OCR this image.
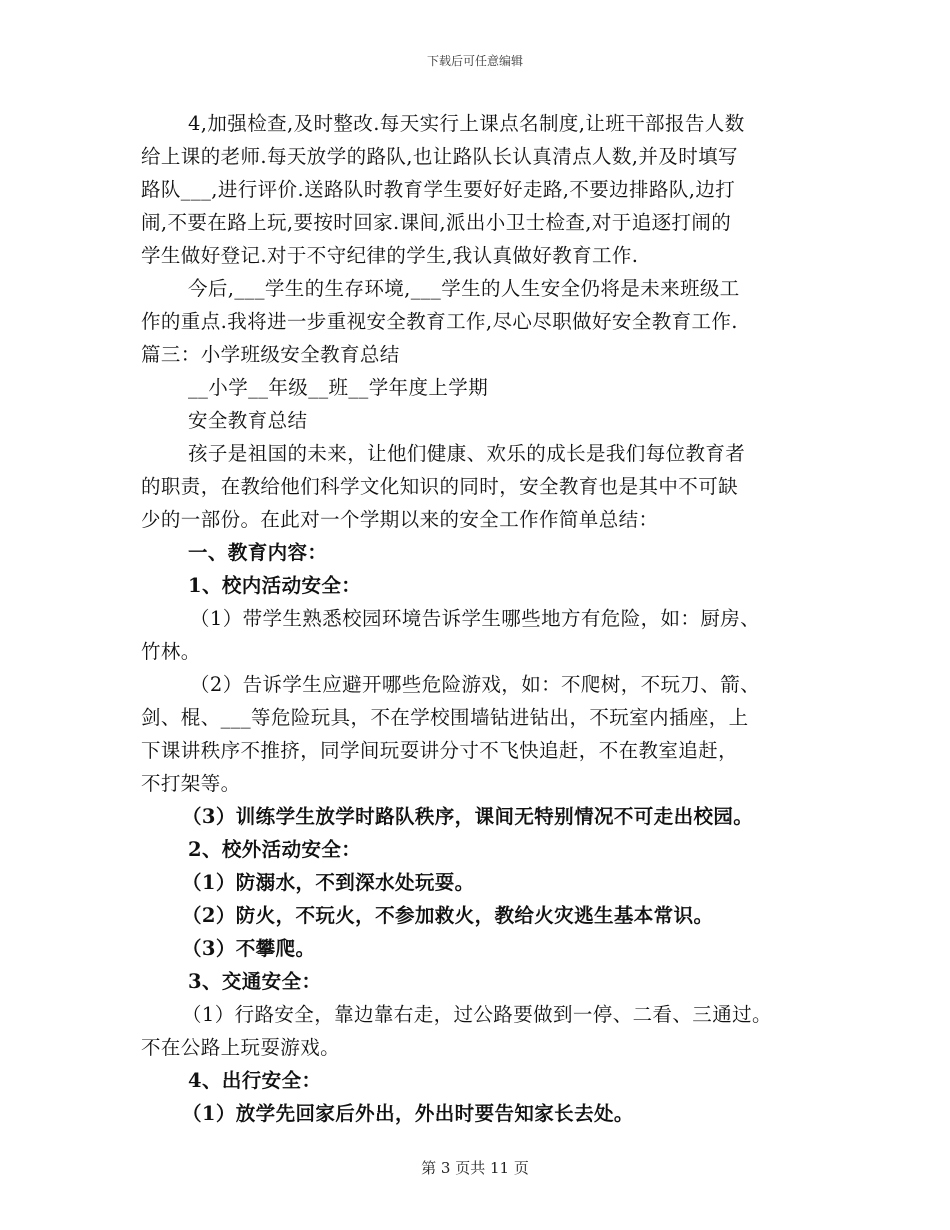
下载后可任意编辑
4,加强检查,及时整改.每天实行上课点名制度,让班干部报告人数
给上课的老师.每天放学的路队,也让路队长认真清点人数,并及时填写
路队___,进行评价.送路队时教育学生要好好走路,不要边排路队,边打
闹,不要在路上玩,要按时回家.课间,派出小卫士检查,对于追逐打闹的
学生做好登记.对于不守纪律的学生,我认真做好教育工作.
今后,___学生的生存环境,___学生的人生安全仍将是未来班级工
作的重点.我将进一步重视安全教育工作,尽心尽职做好安全教育工作.
篇三：小学班级安全教育总结
__小学__年级__班__学年度上学期
安全教育总结
孩子是祖国的未来，让他们健康、欢乐的成长是我们每位教育者
的职责，在教给他们科学文化知识的同时，安全教育也是其中不可缺
少的一部份。在此对一个学期以来的安全工作作简单总结：
一、教育内容：
1、校内活动安全：
（1）带学生熟悉校园环境告诉学生哪些地方有危险，如：厨房、
竹林。
（2）告诉学生应避开哪些危险游戏，如：不爬树，不玩刀、箭、
剑、棍、___等危险玩具，不在学校围墙钻进钻出，不玩室内插座，上
下课讲秩序不推挤，同学间玩耍讲分寸不飞快追赶，不在教室追赶，
不打架等。
（3）训练学生放学时路队秩序，课间无特别情况不可走出校园。
2、校外活动安全：
（1）防溺水，不到深水处玩耍。
（2）防火，不玩火，不参加救火，教给火灾逃生基本常识。
（3）不攀爬。
3、交通安全：
（1）行路安全，靠边靠右走，过公路要做到一停、二看、三通过。
不在公路上玩耍游戏。
4、出行安全：
（1）放学先回家后外出，外出时要告知家长去处。
第 3 页共 11 页
